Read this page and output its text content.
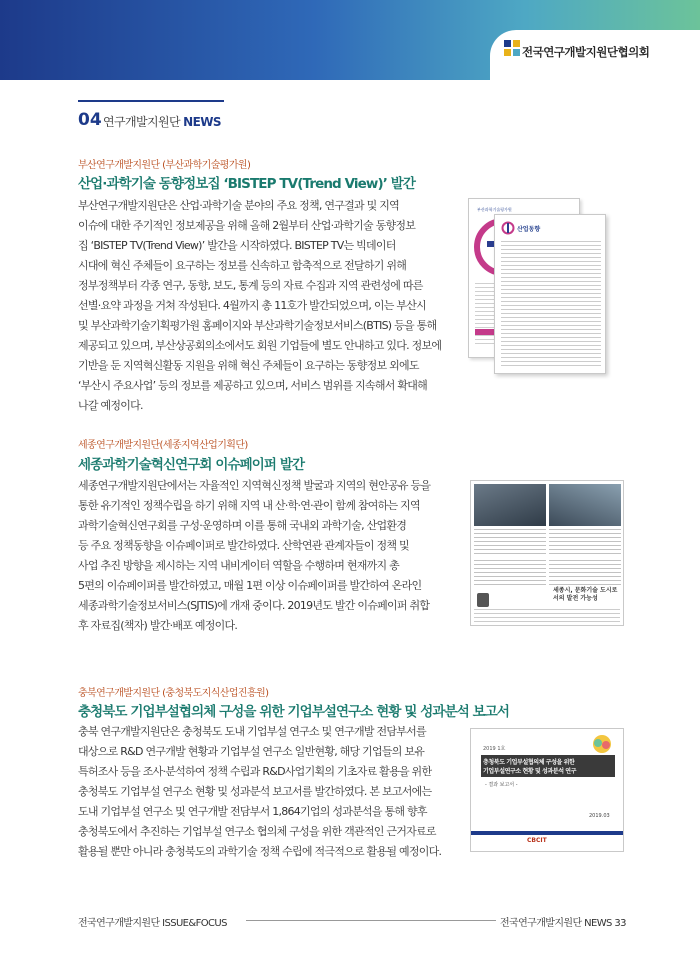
전국연구개발지원단협의회
04 연구개발지원단 NEWS
부산연구개발지원단 (부산과학기술평가원)
산업·과학기술 동향정보집 ‘BISTEP TV(Trend View)’ 발간
부산연구개발지원단은 산업·과학기술 분야의 주요 정책, 연구결과 및 지역
이슈에 대한 주기적인 정보제공을 위해 올해 2월부터 산업·과학기술 동향정보
집 ‘BISTEP TV(Trend View)’ 발간을 시작하였다. BISTEP TV는 빅데이터
시대에 혁신 주체들이 요구하는 정보를 신속하고 함축적으로 전달하기 위해
정부정책부터 각종 연구, 동향, 보도, 통계 등의 자료 수집과 지역 관련성에 따른
선별·요약 과정을 거쳐 작성된다. 4월까지 총 11호가 발간되었으며, 이는 부산시
및 부산과학기술기획평가원 홈페이지와 부산과학기술정보서비스(BTIS) 등을 통해
제공되고 있으며, 부산상공회의소에서도 회원 기업들에 별도 안내하고 있다. 정보에
기반을 둔 지역혁신활동 지원을 위해 혁신 주체들이 요구하는 동향정보 외에도
‘부산시 주요사업’ 등의 정보를 제공하고 있으며, 서비스 범위를 지속해서 확대해
나갈 예정이다.
부산과학기술평가원
산업동향
세종연구개발지원단(세종지역산업기획단)
세종과학기술혁신연구회 이슈페이퍼 발간
세종연구개발지원단에서는 자율적인 지역혁신정책 발굴과 지역의 현안공유 등을
통한 유기적인 정책수립을 하기 위해 지역 내 산·학·연·관이 함께 참여하는 지역
과학기술혁신연구회를 구성·운영하며 이를 통해 국내외 과학기술, 산업환경
등 주요 정책동향을 이슈페이퍼로 발간하였다. 산학연관 관계자들이 정책 및
사업 추진 방향을 제시하는 지역 내비게이터 역할을 수행하며 현재까지 총
5편의 이슈페이퍼를 발간하였고, 매월 1편 이상 이슈페이퍼를 발간하여 온라인
세종과학기술정보서비스(SJTIS)에 개재 중이다. 2019년도 발간 이슈페이퍼 취합
후 자료집(책자) 발간·배포 예정이다.
세종시, 문화기술 도시로서의 발전 가능성
충북연구개발지원단 (충청북도지식산업진흥원)
충청북도 기업부설협의체 구성을 위한 기업부설연구소 현황 및 성과분석 보고서
충북 연구개발지원단은 충청북도 도내 기업부설 연구소 및 연구개발 전담부서를
대상으로 R&D 연구개발 현황과 기업부설 연구소 일반현황, 해당 기업들의 보유
특허조사 등을 조사·분석하여 정책 수립과 R&D사업기획의 기초자료 활용을 위한
충청북도 기업부설 연구소 현황 및 성과분석 보고서를 발간하였다. 본 보고서에는
도내 기업부설 연구소 및 연구개발 전담부서 1,864기업의 성과분석을 통해 향후
충청북도에서 추진하는 기업부설 연구소 협의체 구성을 위한 객관적인 근거자료로
활용될 뿐만 아니라 충청북도의 과학기술 정책 수립에 적극적으로 활용될 예정이다.
2019 1호
충청북도 기업부설협의체 구성을 위한
기업부설연구소 현황 및 성과분석 연구
- 결과 보고서 -
2019.03
CBCIT
전국연구개발지원단 ISSUE&FOCUS	전국연구개발지원단 NEWS 33
